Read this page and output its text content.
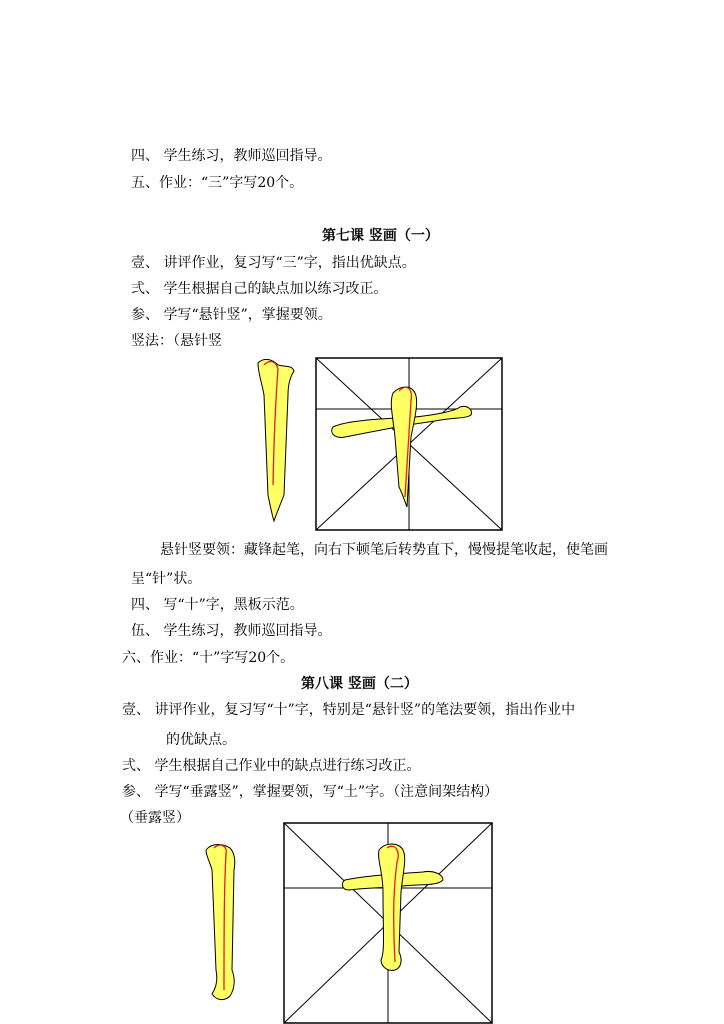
四、 学生练习，教师巡回指导。
五、作业：“三”字写20个。
第七课 竖画（一）
壹、 讲评作业，复习写“三”字，指出优缺点。
弍、 学生根据自己的缺点加以练习改正。
参、 学写“悬针竖”，掌握要领。
竖法：（悬针竖
悬针竖要领：藏锋起笔，向右下顿笔后转势直下，慢慢提笔收起，使笔画
呈“针”状。
四、 写“十”字，黑板示范。
伍、 学生练习，教师巡回指导。
六、作业：“十”字写20个。
第八课 竖画（二）
壹、 讲评作业，复习写“十”字，特别是“悬针竖”的笔法要领，指出作业中
的优缺点。
弍、 学生根据自己作业中的缺点进行练习改正。
参、 学写“垂露竖”，掌握要领，写“土”字。（注意间架结构）
（垂露竖）
